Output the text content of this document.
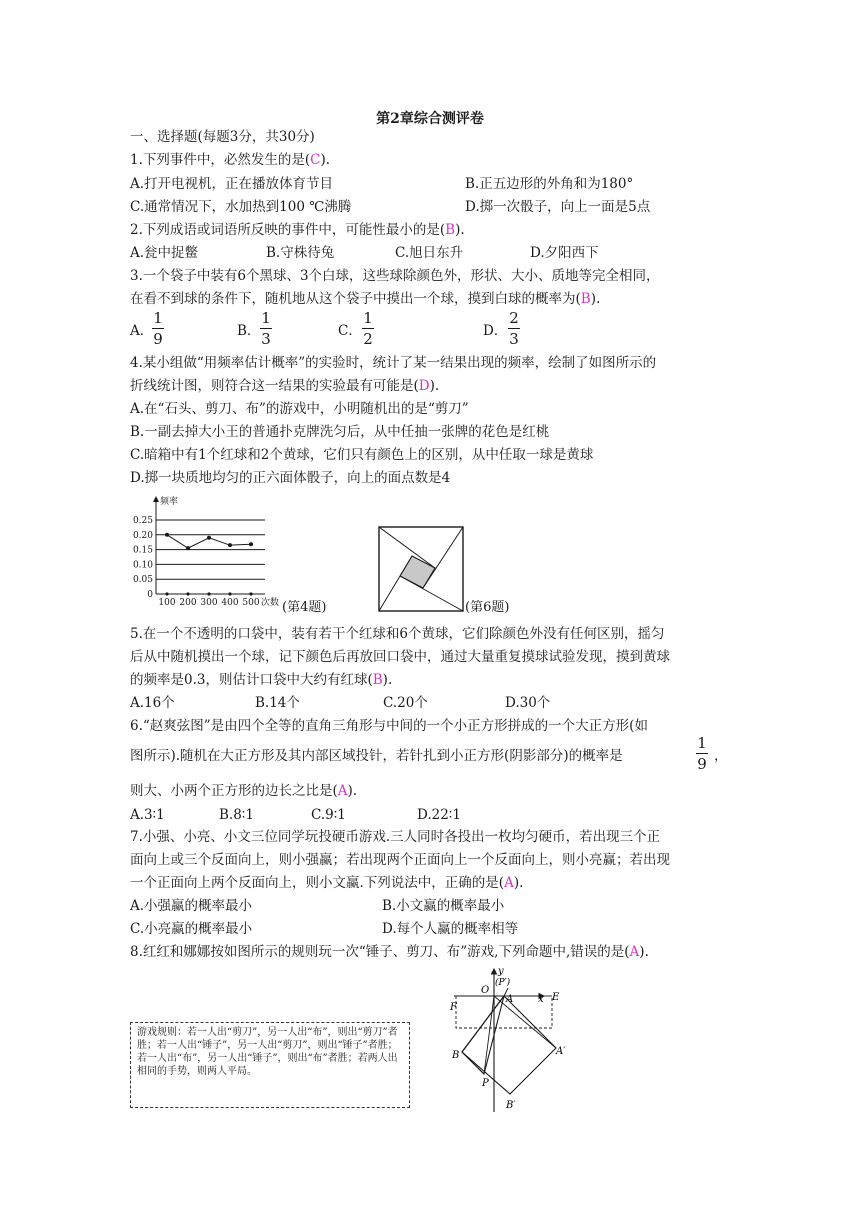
第2章综合测评卷
一、选择题(每题3分，共30分)
1.下列事件中，必然发生的是(C).
A.打开电视机，正在播放体育节目	B.正五边形的外角和为180°
C.通常情况下，水加热到100 ℃沸腾	D.掷一次骰子，向上一面是5点
2.下列成语或词语所反映的事件中，可能性最小的是(B).
A.瓮中捉鳖	B.守株待兔	C.旭日东升	D.夕阳西下
3.一个袋子中装有6个黑球、3个白球，这些球除颜色外，形状、大小、质地等完全相同，
在看不到球的条件下，随机地从这个袋子中摸出一个球，摸到白球的概率为(B).
A．
1
9	B．
1
3	C．
1
2	D．
2
3
4.某小组做“用频率估计概率”的实验时，统计了某一结果出现的频率，绘制了如图所示的
折线统计图，则符合这一结果的实验最有可能是(D).
A.在“石头、剪刀、布”的游戏中，小明随机出的是“剪刀”
B.一副去掉大小王的普通扑克牌洗匀后，从中任抽一张牌的花色是红桃
C.暗箱中有1个红球和2个黄球，它们只有颜色上的区别，从中任取一球是黄球
D.掷一块质地均匀的正六面体骰子，向上的面点数是4
0.25
0.20
0.15
0.10
0.05
0
频率
100 200 300 400 500 次数 (第4题)	(第6题)
5.在一个不透明的口袋中，装有若干个红球和6个黄球，它们除颜色外没有任何区别，摇匀
后从中随机摸出一个球，记下颜色后再放回口袋中，通过大量重复摸球试验发现，摸到黄球
的频率是0.3，则估计口袋中大约有红球(B).
A.16个	B.14个	C.20个	D.30个
6.“赵爽弦图”是由四个全等的直角三角形与中间的一个小正方形拼成的一个大正方形(如
图所示).随机在大正方形及其内部区域投针，若针扎到小正方形(阴影部分)的概率是
1
9 ，
则大、小两个正方形的边长之比是(A).
A.3∶1	B.8∶1	C.9∶1	D.22∶1
7.小强、小亮、小文三位同学玩投硬币游戏.三人同时各投出一枚均匀硬币，若出现三个正
面向上或三个反面向上，则小强赢；若出现两个正面向上一个反面向上，则小亮赢；若出现
一个正面向上两个反面向上，则小文赢.下列说法中，正确的是(A).
A.小强赢的概率最小	B.小文赢的概率最小
C.小亮赢的概率最小	D.每个人赢的概率相等
8.红红和娜娜按如图所示的规则玩一次“锤子、剪刀、布”游戏,下列命题中,错误的是(A).
游戏规则：若一人出“剪刀”，另一人出“布”，则出“剪刀”者胜；若一人出“锤子”，另一人出“剪刀”，则出“锤子”者胜；若一人出“布”，另一人出“锤子”，则出“布”者胜；若两人出相同的手势，则两人平局。
y
O
(P′)
A x E
F
B	A′
P
B′
